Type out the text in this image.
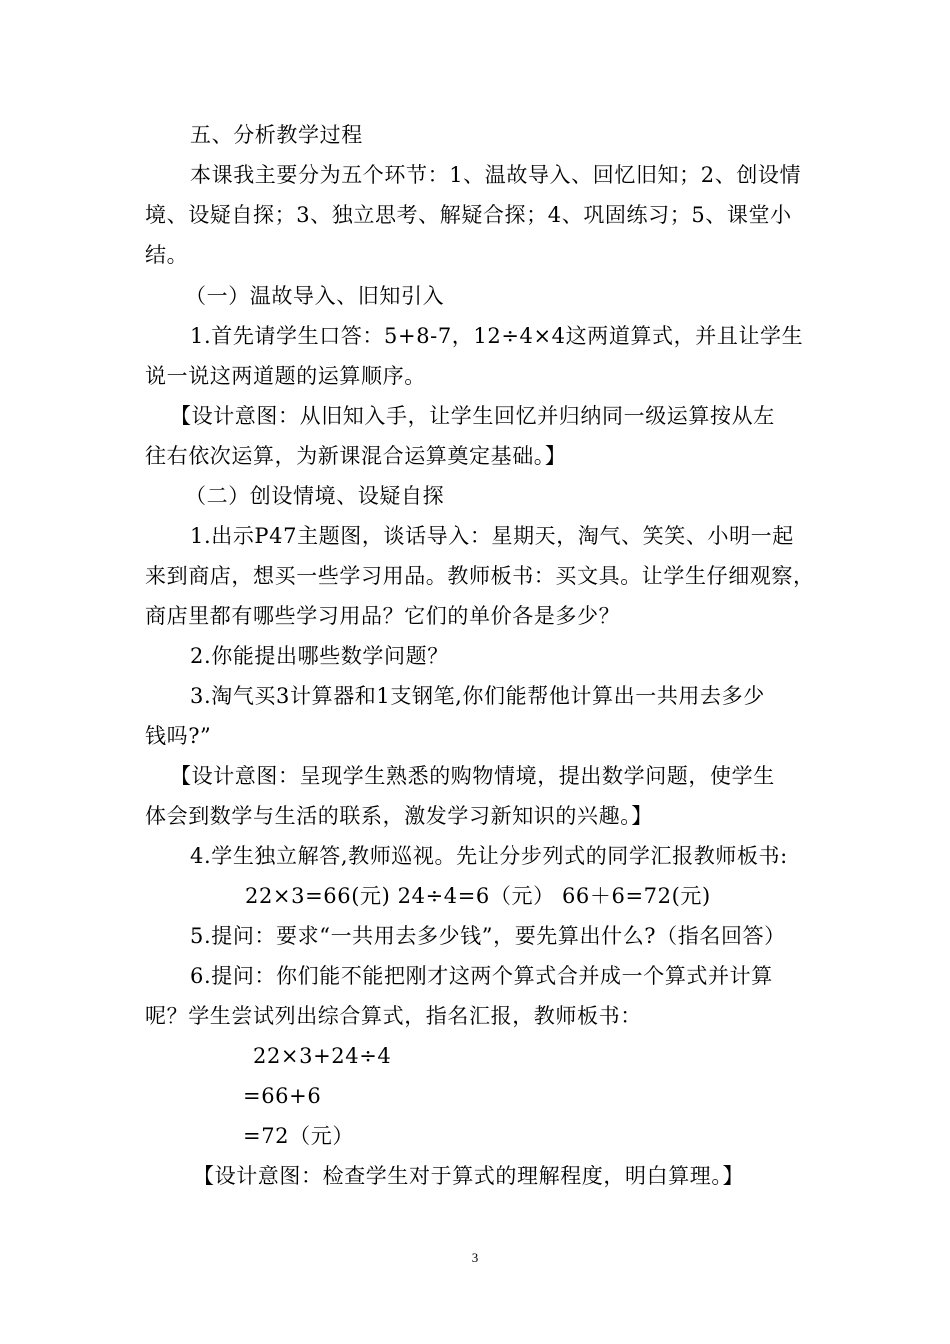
五、分析教学过程
本课我主要分为五个环节：1、温故导入、回忆旧知；2、创设情
境、设疑自探；3、独立思考、解疑合探；4、巩固练习；5、课堂小
结。
（一）温故导入、旧知引入
1.首先请学生口答：5+8-7，12÷4×4这两道算式，并且让学生
说一说这两道题的运算顺序。
【设计意图：从旧知入手，让学生回忆并归纳同一级运算按从左
往右依次运算，为新课混合运算奠定基础。】
（二）创设情境、设疑自探
1.出示P47主题图，谈话导入：星期天，淘气、笑笑、小明一起
来到商店，想买一些学习用品。教师板书：买文具。让学生仔细观察，
商店里都有哪些学习用品？它们的单价各是多少？
2.你能提出哪些数学问题？
3.淘气买3计算器和1支钢笔,你们能帮他计算出一共用去多少
钱吗?”
【设计意图：呈现学生熟悉的购物情境，提出数学问题，使学生
体会到数学与生活的联系，激发学习新知识的兴趣。】
4.学生独立解答,教师巡视。先让分步列式的同学汇报教师板书:
22×3=66(元) 24÷4=6（元） 66＋6=72(元)
5.提问：要求“一共用去多少钱”，要先算出什么?（指名回答）
6.提问：你们能不能把刚才这两个算式合并成一个算式并计算
呢？学生尝试列出综合算式，指名汇报，教师板书：
22×3+24÷4
=66+6
=72（元）
【设计意图：检查学生对于算式的理解程度，明白算理。】
3
